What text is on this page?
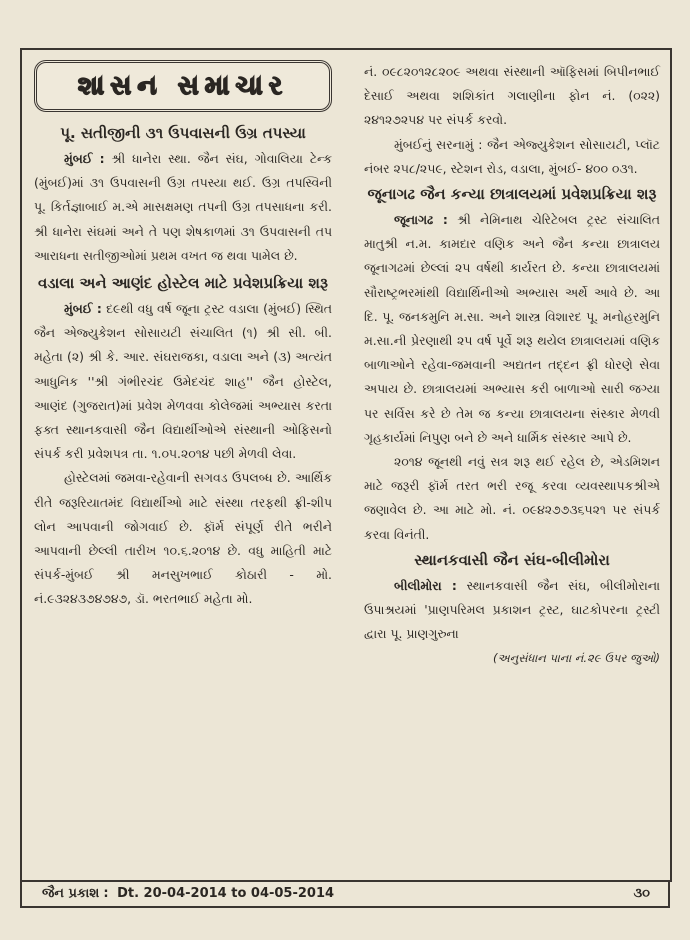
શાસન સમાચાર
પૂ. સતીજીની ૩૧ ઉપવાસની ઉગ્ર તપસ્યા

મુંબઈ : શ્રી ધાનેરા સ્થા. જૈન સંઘ, ગોવાલિયા ટેન્ક (મુંબઈ)માં ૩૧ ઉપવાસની ઉગ્ર તપસ્યા થઈ. ઉગ્ર તપસ્વિની પૂ. કિર્તજ્ઞાબાઈ મ.એ માસક્ષમણ તપની ઉગ્ર તપસાધના કરી. શ્રી ધાનેરા સંઘમાં અને તે પણ શેષકાળમાં ૩૧ ઉપવાસની તપ આરાધના સતીજીઓમાં પ્રથમ વખત જ થવા પામેલ છે.

વડાલા અને આણંદ હોસ્ટેલ માટે પ્રવેશપ્રક્રિયા શરૂ

મુંબઈ : દ૯થી વધુ વર્ષ જૂના ટ્રસ્ટ વડાલા (મુંબઈ) સ્થિત જૈન એજ્યુકેશન સોસાયટી સંચાલિત (૧) શ્રી સી. બી. મહેતા (૨) શ્રી કે. આર. સંઘરાજકા, વડાલા અને (૩) અત્યંત આધુનિક ''શ્રી ગંભીરચંદ ઉમેદચંદ શાહ'' જૈન હોસ્ટેલ, આણંદ (ગુજરાત)માં પ્રવેશ મેળવવા કોલેજમાં અભ્યાસ કરતા ફક્ત સ્થાનકવાસી જૈન વિદ્યાર્થીઓએ સંસ્થાની ઓફિસનો સંપર્ક કરી પ્રવેશપત્ર તા. ૧.૦૫.૨૦૧૪ પછી મેળવી લેવા.

હોસ્ટેલમાં જમવા-રહેવાની સગવડ ઉપલબ્ધ છે. આર્થિક રીતે જરૂરિયાતમંદ વિદ્યાર્થીઓ માટે સંસ્થા તરફથી ફ્રી-શીપ લોન આપવાની જોગવાઈ છે. ફૉર્મ સંપૂર્ણ રીતે ભરીને આપવાની છેલ્લી તારીખ ૧૦.૬.૨૦૧૪ છે. વધુ માહિતી માટે સંપર્ક-મુંબઈ શ્રી મનસુખભાઈ કોઠારી - મો. નં.૯૩૨૪૩૭૪૭૪૭, ડૉ. ભરતભાઈ મહેતા મો.

નં. ૦૯૮૨૦૧૨૮૨૦૯ અથવા સંસ્થાની ઑફિસમાં બિપીનભાઈ દેસાઈ અથવા શશિકાંત ગલાણીના ફોન નં. (૦૨૨) ૨૪૧૨૭૨૫૪ પર સંપર્ક કરવો.

મુંબઈનું સરનામું : જૈન એજ્યુકેશન સોસાયટી, પ્લૉટ નંબર ૨૫૮/૨૫૯, સ્ટેશન રોડ, વડાલા, મુંબઈ- ૪૦૦ ૦૩૧.

જૂનાગઢ જૈન કન્યા છાત્રાલયમાં પ્રવેશપ્રક્રિયા શરૂ

જૂનાગઢ : શ્રી નેમિનાથ ચેરિટેબલ ટ્રસ્ટ સંચાલિત માતુશ્રી ન.મ. કામદાર વણિક અને જૈન કન્યા છાત્રાલય જૂનાગઢમાં છેલ્લાં ૨૫ વર્ષથી કાર્યરત છે. કન્યા છાત્રાલયમાં સૌરાષ્ટ્રભરમાંથી વિદ્યાર્થિનીઓ અભ્યાસ અર્થે આવે છે. આ દિ. પૂ. જનકમુનિ મ.સા. અને શાસ્ત્ર વિશારદ પૂ. મનોહરમુનિ મ.સા.ની પ્રેરણાથી ૨૫ વર્ષ પૂર્વે શરૂ થયેલ છાત્રાલયમાં વણિક બાળાઓને રહેવા-જમવાની અદ્યતન તદ્દન ફ્રી ધોરણે સેવા અપાય છે. છાત્રાલયમાં અભ્યાસ કરી બાળાઓ સારી જગ્યા પર સર્વિસ કરે છે તેમ જ કન્યા છાત્રાલયના સંસ્કાર મેળવી ગૃહકાર્યમાં નિપુણ બને છે અને ધાર્મિક સંસ્કાર આપે છે.

૨૦૧૪ જૂનથી નવું સત્ર શરૂ થઈ રહેલ છે, એડમિશન માટે જરૂરી ફૉર્મ તરત ભરી રજૂ કરવા વ્યવસ્થાપકશ્રીએ જણાવેલ છે. આ માટે મો. નં. ૦૯૪૨૭૭૩૬૫૨૧ પર સંપર્ક કરવા વિનંતી.

સ્થાનકવાસી જૈન સંઘ-બીલીમોરા

બીલીમોરા : સ્થાનકવાસી જૈન સંઘ, બીલીમોરાના ઉપાશ્રયમાં 'પ્રાણપરિમલ પ્રકાશન ટ્રસ્ટ, ઘાટકોપરના ટ્રસ્ટી દ્વારા પૂ. પ્રાણગુરુના

(અનુસંધાન પાના નં.૨૯ ઉપર જુઓ)

જૈન પ્રકાશ : Dt. 20-04-2014 to 04-05-2014	૩૦
